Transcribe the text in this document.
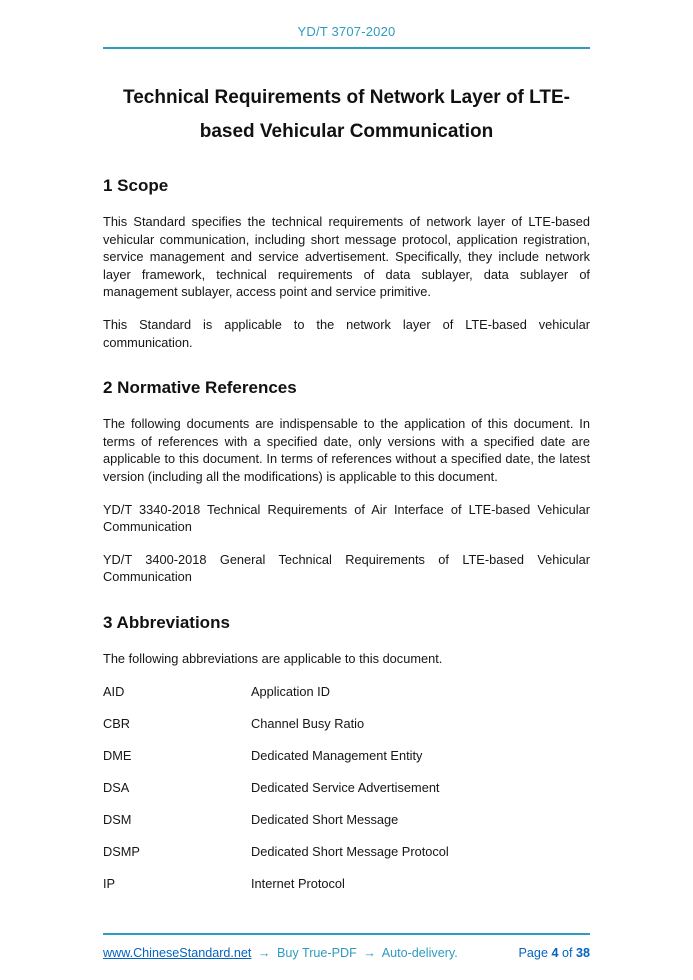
YD/T 3707-2020
Technical Requirements of Network Layer of LTE-
based Vehicular Communication
1 Scope

This Standard specifies the technical requirements of network layer of LTE-based vehicular communication, including short message protocol, application registration, service management and service advertisement. Specifically, they include network layer framework, technical requirements of data sublayer, data sublayer of management sublayer, access point and service primitive.

This Standard is applicable to the network layer of LTE-based vehicular communication.

2 Normative References

The following documents are indispensable to the application of this document. In terms of references with a specified date, only versions with a specified date are applicable to this document. In terms of references without a specified date, the latest version (including all the modifications) is applicable to this document.

YD/T 3340-2018 Technical Requirements of Air Interface of LTE-based Vehicular Communication

YD/T 3400-2018 General Technical Requirements of LTE-based Vehicular Communication

3 Abbreviations

The following abbreviations are applicable to this document.

AID	Application ID
CBR	Channel Busy Ratio
DME	Dedicated Management Entity
DSA	Dedicated Service Advertisement
DSM	Dedicated Short Message
DSMP	Dedicated Short Message Protocol
IP	Internet Protocol
www.ChineseStandard.net → Buy True-PDF → Auto-delivery.	Page 4 of 38
